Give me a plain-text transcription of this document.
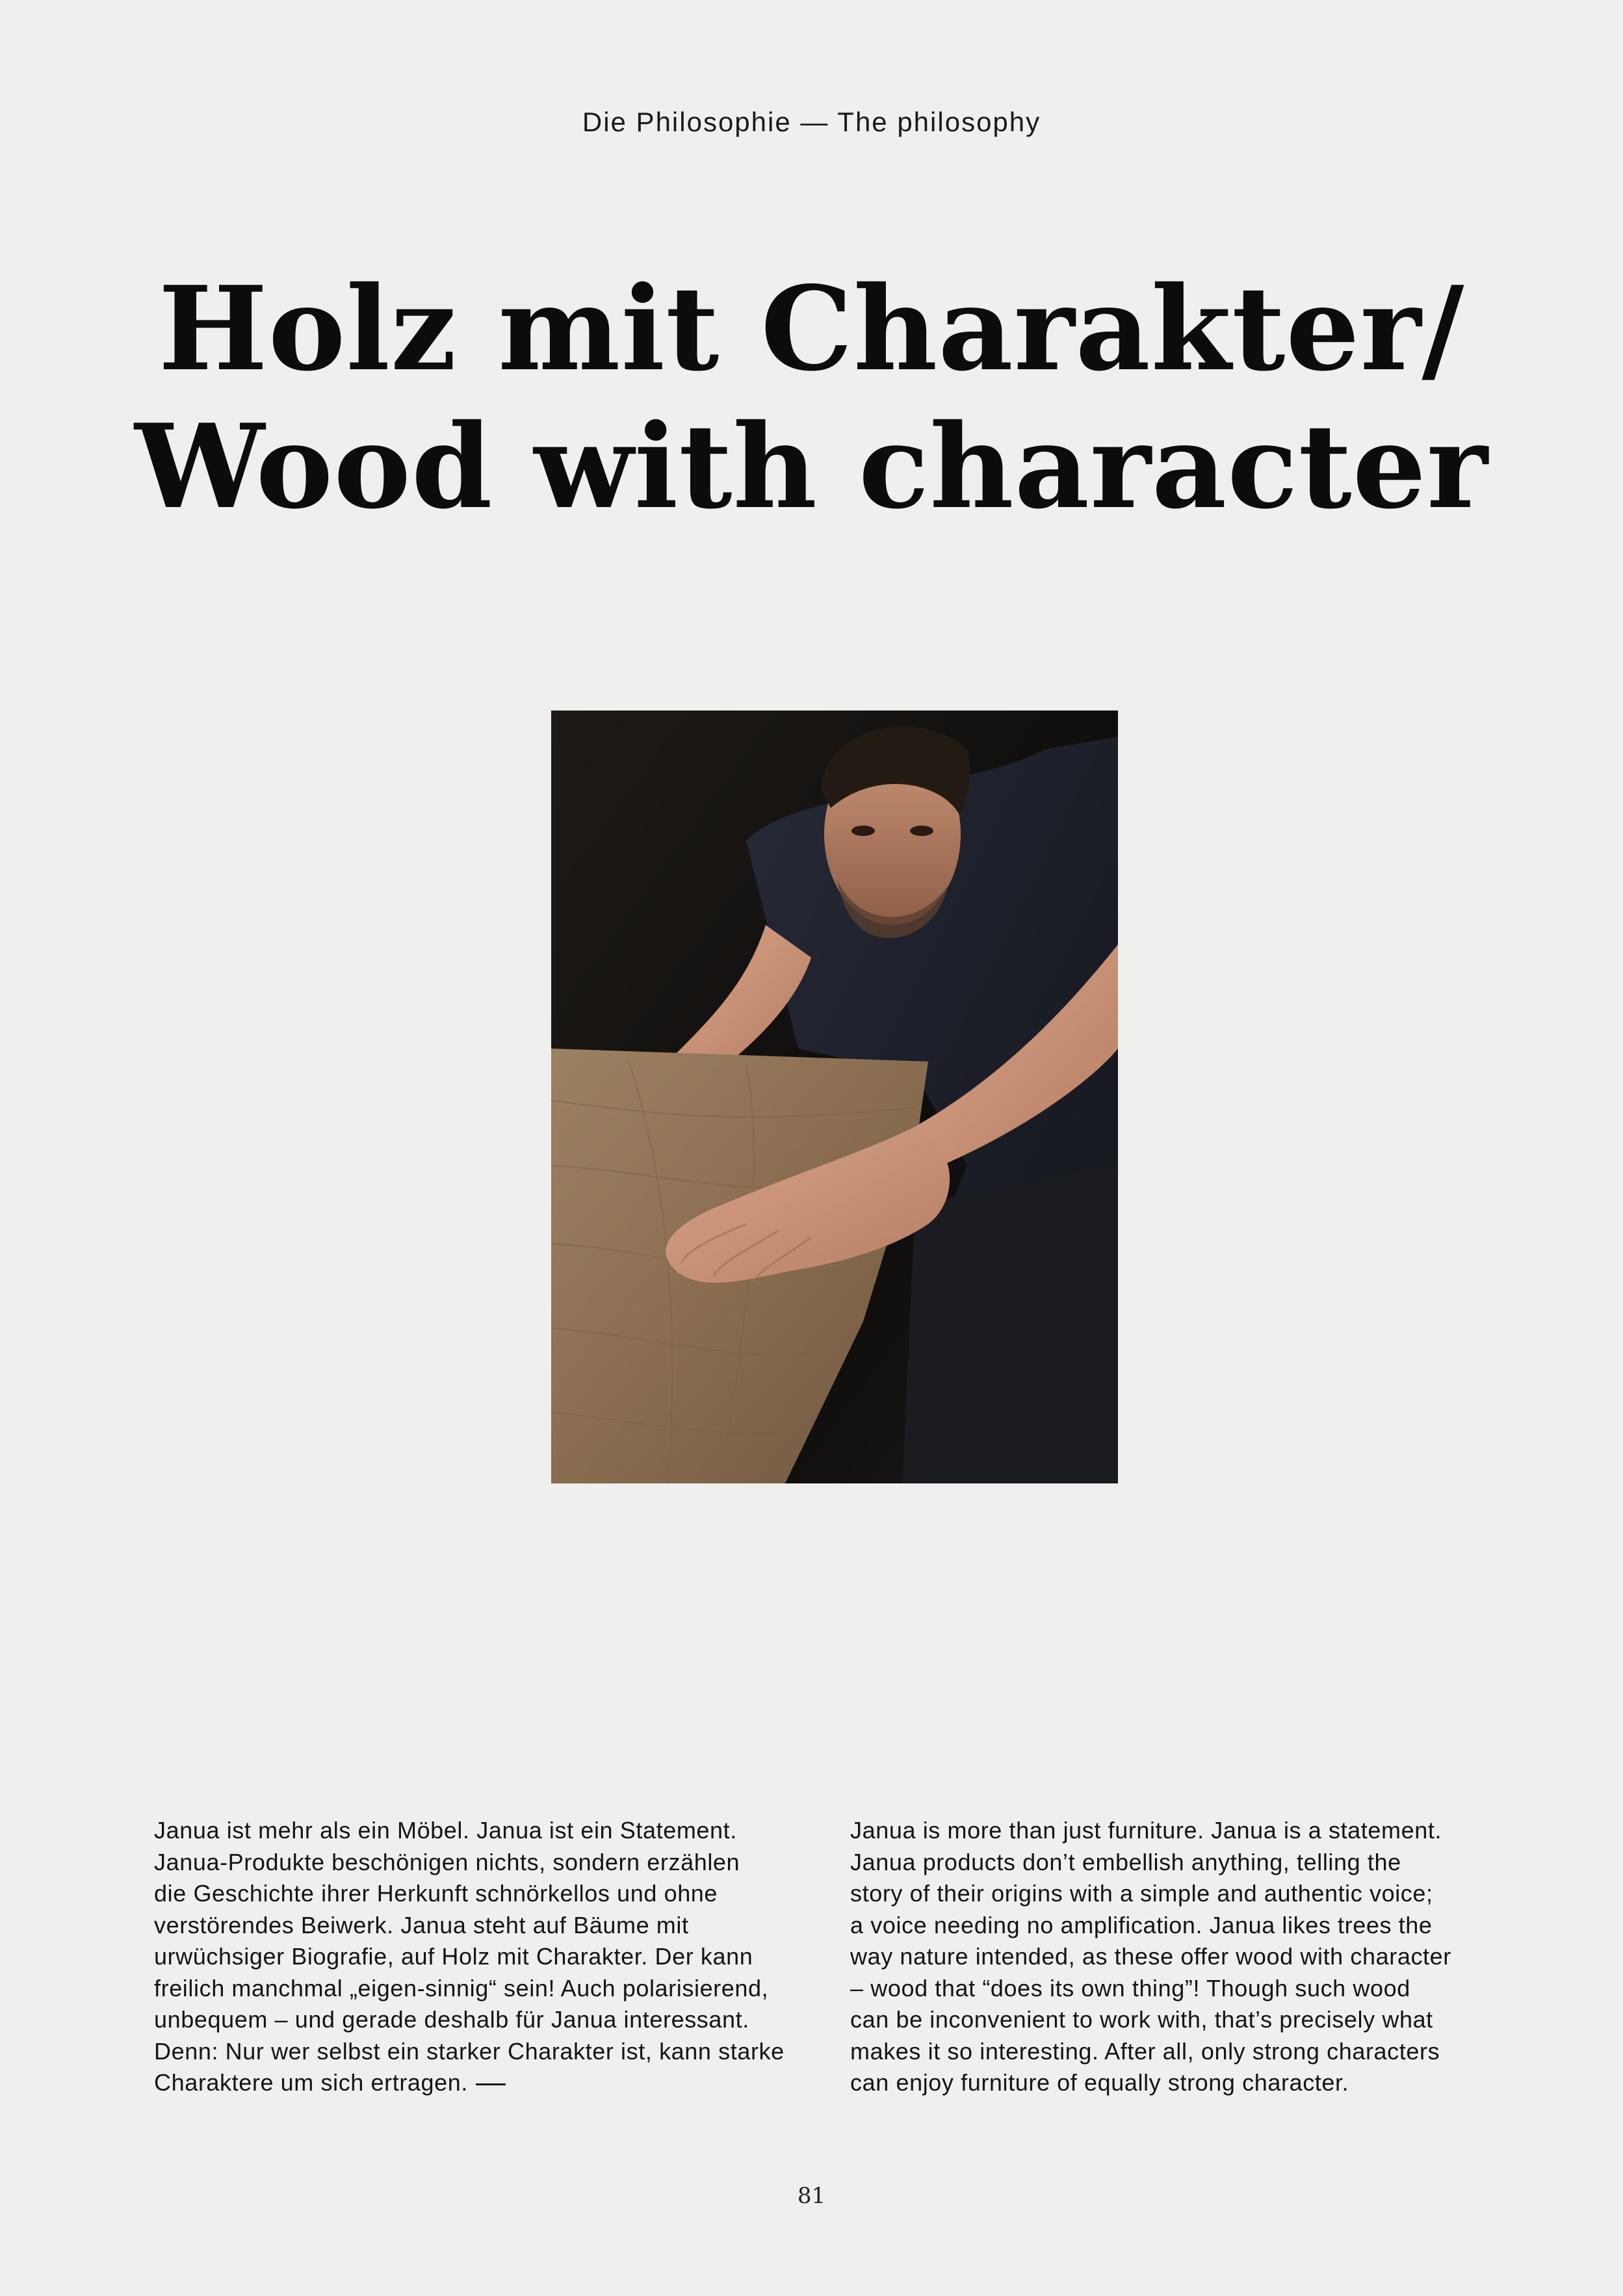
Die Philosophie — The philosophy
Holz mit Charakter/
Wood with character
Janua ist mehr als ein Möbel. Janua ist ein Statement.
Janua-Produkte beschönigen nichts, sondern erzählen
die Geschichte ihrer Herkunft schnörkellos und ohne
verstörendes Beiwerk. Janua steht auf Bäume mit
urwüchsiger Biografie, auf Holz mit Charakter. Der kann
freilich manchmal „eigen-sinnig“ sein! Auch polarisierend,
unbequem – und gerade deshalb für Janua interessant.
Denn: Nur wer selbst ein starker Charakter ist, kann starke
Charaktere um sich ertragen.
Janua is more than just furniture. Janua is a statement.
Janua products don’t embellish anything, telling the
story of their origins with a simple and authentic voice;
a voice needing no amplification. Janua likes trees the
way nature intended, as these offer wood with character
– wood that “does its own thing”! Though such wood
can be inconvenient to work with, that’s precisely what
makes it so interesting. After all, only strong characters
can enjoy furniture of equally strong character.
81
